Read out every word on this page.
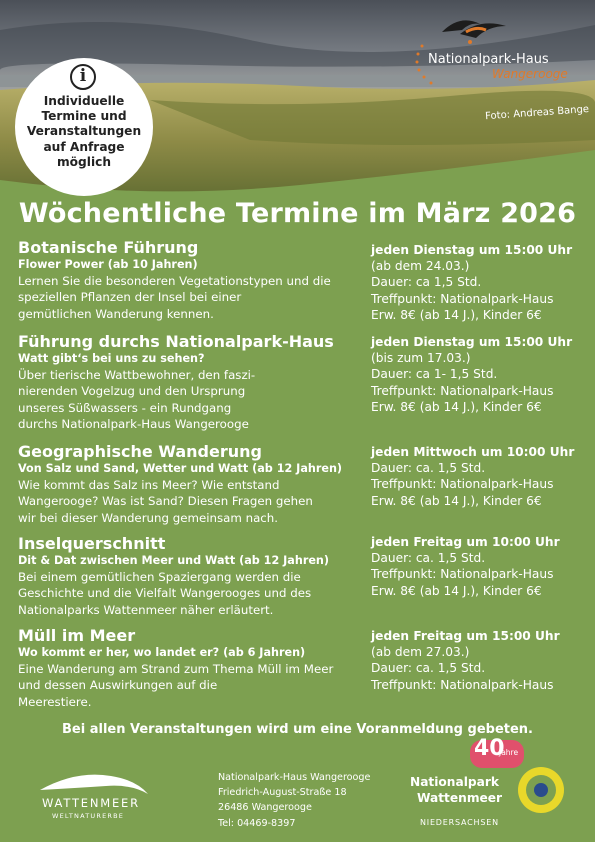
Nationalpark-Haus
Wangerooge
Foto: Andreas Bange
i
Individuelle
Termine und
Veranstaltungen
auf Anfrage
möglich
Wöchentliche Termine im März 2026
Botanische Führung
Flower Power (ab 10 Jahren)
Lernen Sie die besonderen Vegetationstypen und die
speziellen Pflanzen der Insel bei einer
gemütlichen Wanderung kennen.
jeden Dienstag um 15:00 Uhr
(ab dem 24.03.)
Dauer: ca 1,5 Std.
Treffpunkt: Nationalpark-Haus
Erw. 8€ (ab 14 J.), Kinder 6€
Führung durchs Nationalpark-Haus
Watt gibt‘s bei uns zu sehen?
Über tierische Wattbewohner, den faszi-
nierenden Vogelzug und den Ursprung
unseres Süßwassers - ein Rundgang
durchs Nationalpark-Haus Wangerooge
jeden Dienstag um 15:00 Uhr
(bis zum 17.03.)
Dauer: ca 1- 1,5 Std.
Treffpunkt: Nationalpark-Haus
Erw. 8€ (ab 14 J.), Kinder 6€
Geographische Wanderung
Von Salz und Sand, Wetter und Watt (ab 12 Jahren)
Wie kommt das Salz ins Meer? Wie entstand
Wangerooge? Was ist Sand? Diesen Fragen gehen
wir bei dieser Wanderung gemeinsam nach.
jeden Mittwoch um 10:00 Uhr
Dauer: ca. 1,5 Std.
Treffpunkt: Nationalpark-Haus
Erw. 8€ (ab 14 J.), Kinder 6€
Inselquerschnitt
Dit & Dat zwischen Meer und Watt (ab 12 Jahren)
Bei einem gemütlichen Spaziergang werden die
Geschichte und die Vielfalt Wangerooges und des
Nationalparks Wattenmeer näher erläutert.
jeden Freitag um 10:00 Uhr
Dauer: ca. 1,5 Std.
Treffpunkt: Nationalpark-Haus
Erw. 8€ (ab 14 J.), Kinder 6€
Müll im Meer
Wo kommt er her, wo landet er? (ab 6 Jahren)
Eine Wanderung am Strand zum Thema Müll im Meer
und dessen Auswirkungen auf die
Meerestiere.
jeden Freitag um 15:00 Uhr
(ab dem 27.03.)
Dauer: ca. 1,5 Std.
Treffpunkt: Nationalpark-Haus
Bei allen Veranstaltungen wird um eine Voranmeldung gebeten.
WATTENMEER
WELTNATURERBE
Nationalpark-Haus Wangerooge
Friedrich-August-Straße 18
26486 Wangerooge
Tel: 04469-8397
40
Jahre
Nationalpark
Wattenmeer
NIEDERSACHSEN
